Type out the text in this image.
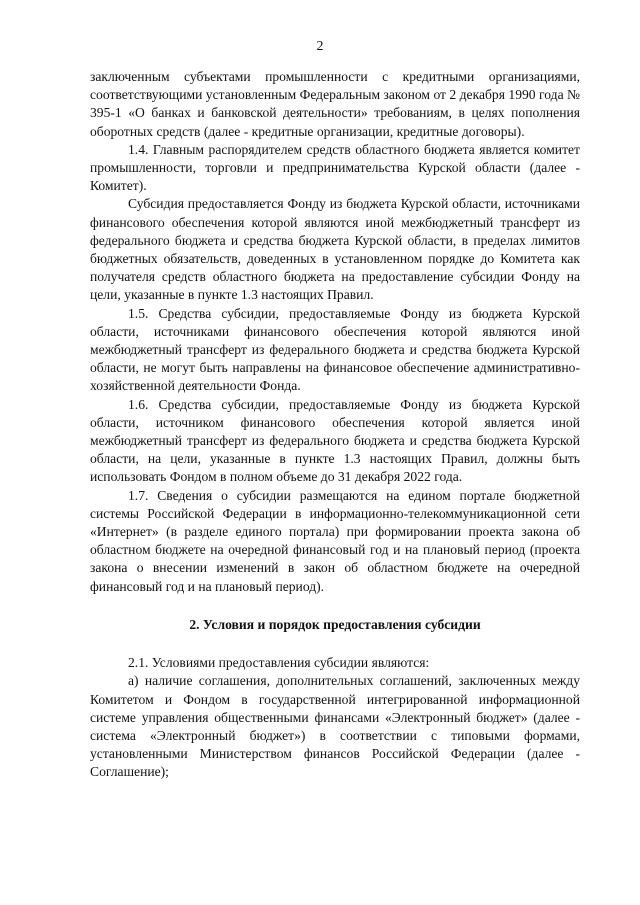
2

заключенным субъектами промышленности с кредитными организациями, соответствующими установленным Федеральным законом от 2 декабря 1990 года № 395-1 «О банках и банковской деятельности» требованиям, в целях пополнения оборотных средств (далее - кредитные организации, кредитные договоры).

1.4. Главным распорядителем средств областного бюджета является комитет промышленности, торговли и предпринимательства Курской области (далее - Комитет).

Субсидия предоставляется Фонду из бюджета Курской области, источниками финансового обеспечения которой являются иной межбюджетный трансферт из федерального бюджета и средства бюджета Курской области, в пределах лимитов бюджетных обязательств, доведенных в установленном порядке до Комитета как получателя средств областного бюджета на предоставление субсидии Фонду на цели, указанные в пункте 1.3 настоящих Правил.

1.5. Средства субсидии, предоставляемые Фонду из бюджета Курской области, источниками финансового обеспечения которой являются иной межбюджетный трансферт из федерального бюджета и средства бюджета Курской области, не могут быть направлены на финансовое обеспечение административно-хозяйственной деятельности Фонда.

1.6. Средства субсидии, предоставляемые Фонду из бюджета Курской области, источником финансового обеспечения которой является иной межбюджетный трансферт из федерального бюджета и средства бюджета Курской области, на цели, указанные в пункте 1.3 настоящих Правил, должны быть использовать Фондом в полном объеме до 31 декабря 2022 года.

1.7. Сведения о субсидии размещаются на едином портале бюджетной системы Российской Федерации в информационно-телекоммуникационной сети «Интернет» (в разделе единого портала) при формировании проекта закона об областном бюджете на очередной финансовый год и на плановый период (проекта закона о внесении изменений в закон об областном бюджете на очередной финансовый год и на плановый период).

2. Условия и порядок предоставления субсидии

2.1. Условиями предоставления субсидии являются:

а) наличие соглашения, дополнительных соглашений, заключенных между Комитетом и Фондом в государственной интегрированной информационной системе управления общественными финансами «Электронный бюджет» (далее - система «Электронный бюджет») в соответствии с типовыми формами, установленными Министерством финансов Российской Федерации (далее - Соглашение);
